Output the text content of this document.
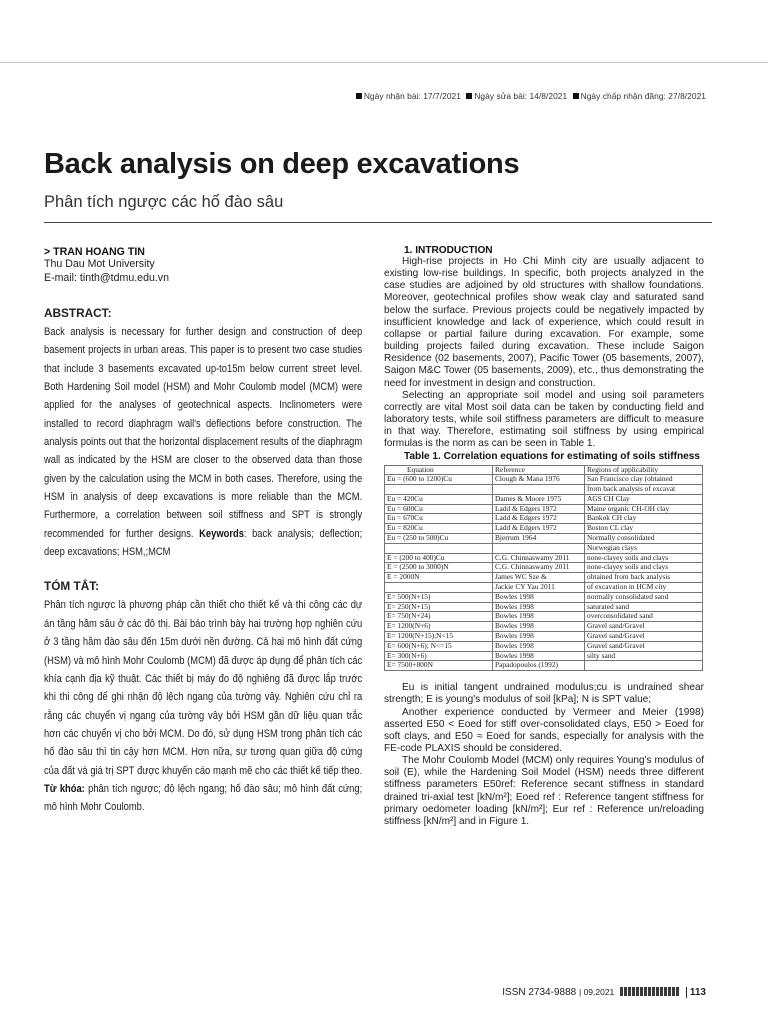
Ngày nhận bài: 17/7/2021 Ngày sửa bài: 14/8/2021 Ngày chấp nhận đăng: 27/8/2021
Back analysis on deep excavations
Phân tích ngược các hố đào sâu
> TRAN HOANG TIN
Thu Dau Mot University
E-mail: tinth@tdmu.edu.vn
ABSTRACT:
Back analysis is necessary for further design and construction of deep basement projects in urban areas. This paper is to present two case studies that include 3 basements excavated up-to15m below current street level. Both Hardening Soil model (HSM) and Mohr Coulomb model (MCM) were applied for the analyses of geotechnical aspects. Inclinometers were installed to record diaphragm wall's deflections before construction. The analysis points out that the horizontal displacement results of the diaphragm wall as indicated by the HSM are closer to the observed data than those given by the calculation using the MCM in both cases. Therefore, using the HSM in analysis of deep excavations is more reliable than the MCM. Furthermore, a correlation between soil stiffness and SPT is strongly recommended for further designs. Keywords: back analysis; deflection; deep excavations; HSM,;MCM
TÓM TẮT:
Phân tích ngược là phương pháp cần thiết cho thiết kế và thi công các dự án tầng hầm sâu ở các đô thị. Bài báo trình bày hai trường hợp nghiên cứu ở 3 tầng hầm đào sâu đến 15m dưới nền đường. Cả hai mô hình đất cứng (HSM) và mô hình Mohr Coulomb (MCM) đã được áp dụng để phân tích các khía cạnh địa kỹ thuật. Các thiết bị máy đo độ nghiêng đã được lắp trước khi thi công để ghi nhận độ lệch ngang của tường vây. Nghiên cứu chỉ ra rằng các chuyển vị ngang của tường vây bởi HSM gần dữ liệu quan trắc hơn các chuyển vị cho bởi MCM. Do đó, sử dụng HSM trong phân tích các hố đào sâu thì tin cậy hơn MCM. Hơn nữa, sự tương quan giữa độ cứng của đất và giá trị SPT được khuyến cáo mạnh mẽ cho các thiết kế tiếp theo. Từ khóa: phân tích ngược; độ lệch ngang; hố đào sâu; mô hình đất cứng; mô hình Mohr Coulomb.
1. INTRODUCTION

High-rise projects in Ho Chi Minh city are usually adjacent to existing low-rise buildings. In specific, both projects analyzed in the case studies are adjoined by old structures with shallow foundations. Moreover, geotechnical profiles show weak clay and saturated sand below the surface. Previous projects could be negatively impacted by insufficient knowledge and lack of experience, which could result in collapse or partial failure during excavation. For example, some building projects failed during excavation. These include Saigon Residence (02 basements, 2007), Pacific Tower (05 basements, 2007), Saigon M&C Tower (05 basements, 2009), etc., thus demonstrating the need for investment in design and construction.

Selecting an appropriate soil model and using soil parameters correctly are vital Most soil data can be taken by conducting field and laboratory tests, while soil stiffness parameters are difficult to measure in that way. Therefore, estimating soil stiffness by using empirical formulas is the norm as can be seen in Table 1.

Table 1. Correlation equations for estimating of soils stiffness
Equation	Reference	Regions of applicability
Eu = (600 to 1200)Cu	Clough & Mana 1976	San Francisco clay (obtained
		from back analysis of excavat
Eu = 420Cu	Dames & Moore 1975	AGS CH Clay
Eu = 600Cu	Ladd & Edgers 1972	Maine organic CH-OH clay
Eu = 670Cu	Ladd & Edgers 1972	Bankok CH clay
Eu = 820Cu	Ladd & Edgers 1972	Boston CL clay
Eu = (250 to 500)Cu	Bjerrum 1964	Normally consolidated
		Norwegian clays
E = (200 to 400)Cu	C.G. Chinnaswamy 2011	none-clayey soils and clays
E = (2500 to 3000)N	C.G. Chinnaswamy 2011	none-clayey soils and clays
E = 2000N	James WC Sze &	obtained from back analysis
	Jackie CY Yau 2011	of excavation in HCM city
E= 500(N+15)	Bowles 1998	normally consolidated sand
E= 250(N+15)	Bowles 1998	saturated sand
E= 750(N+24)	Bowles 1998	overconsolidated sand
E= 1200(N+6)	Bowles 1998	Gravel sand/Gravel
E= 1200(N+15);N<15	Bowles 1998	Gravel sand/Gravel
E= 600(N+6); N<=15	Bowles 1998	Gravel sand/Gravel
E= 300(N+6)	Bowles 1998	silty sand
E= 7500+800N	Papadopoulos (1992)	

Eu is initial tangent undrained modulus;cu is undrained shear strength; E is young's modulus of soil [kPa]; N is SPT value;

Another experience conducted by Vermeer and Meier (1998) asserted E50 < Eoed for stiff over-consolidated clays, E50 > Eoed for soft clays, and E50 ≈ Eoed for sands, especially for analysis with the FE-code PLAXIS should be considered.

The Mohr Coulomb Model (MCM) only requires Young's modulus of soil (E), while the Hardening Soil Model (HSM) needs three different stiffness parameters E50ref: Reference secant stiffness in standard drained tri-axial test [kN/m²]; Eoed ref : Reference tangent stiffness for primary oedometer loading [kN/m²]; Eur ref : Reference un/reloading stiffness [kN/m²] and in Figure 1.

ISSN 2734-9888 | 09.2021	113
